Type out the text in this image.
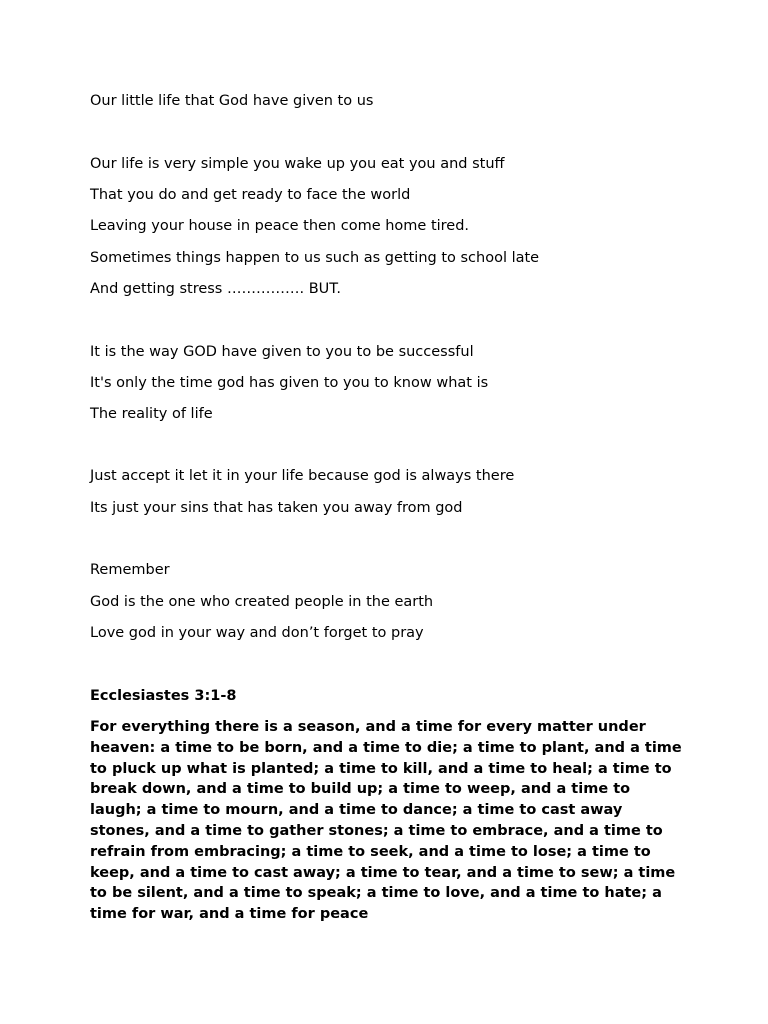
Our little life that God have given to us
Our life is very simple you wake up you eat you and stuff
That you do and get ready to face the world
Leaving your house in peace then come home tired.
Sometimes things happen to us such as getting to school late
And getting stress ……………. BUT.
It is the way GOD have given to you to be successful
It's only the time god has given to you to know what is
The reality of life
Just accept it let it in your life because god is always there
Its just your sins that has taken you away from god
Remember
God is the one who created people in the earth
Love god in your way and don’t forget to pray
Ecclesiastes 3:1-8
For everything there is a season, and a time for every matter under heaven: a time to be born, and a time to die; a time to plant, and a time to pluck up what is planted; a time to kill, and a time to heal; a time to break down, and a time to build up; a time to weep, and a time to laugh; a time to mourn, and a time to dance; a time to cast away stones, and a time to gather stones; a time to embrace, and a time to refrain from embracing; a time to seek, and a time to lose; a time to keep, and a time to cast away; a time to tear, and a time to sew; a time to be silent, and a time to speak; a time to love, and a time to hate; a time for war, and a time for peace
